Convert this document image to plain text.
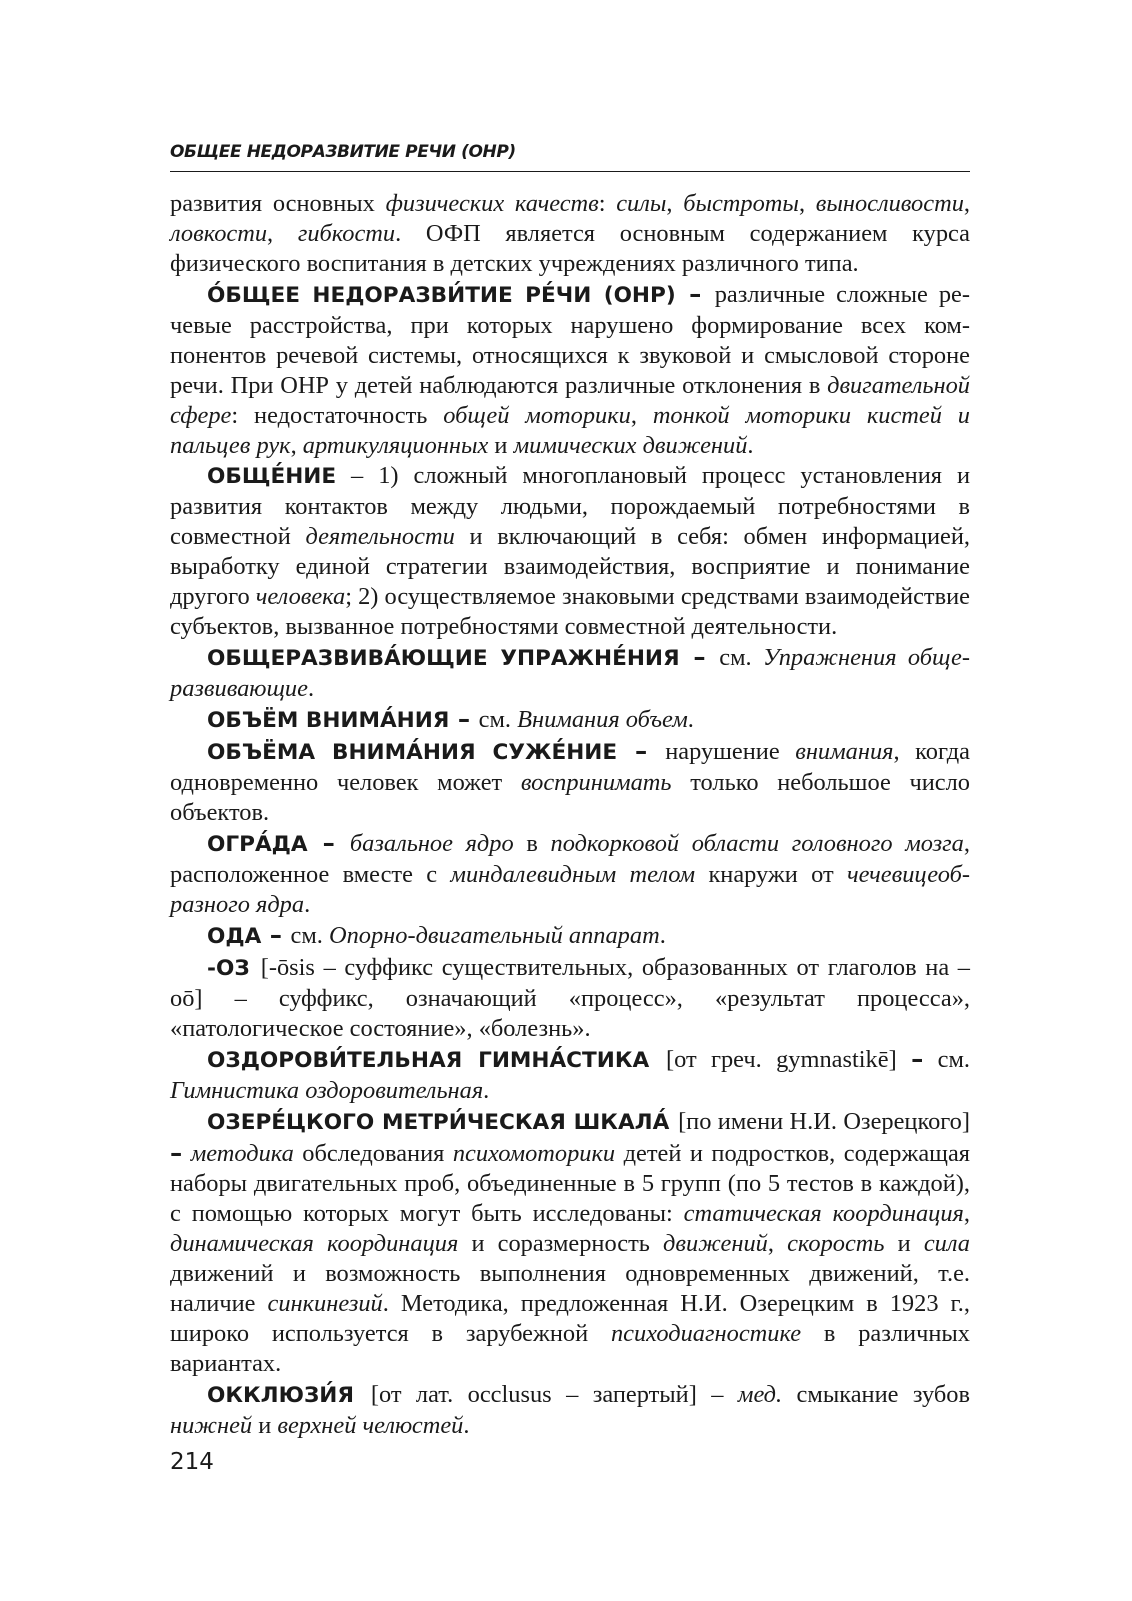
ОБЩЕЕ НЕДОРАЗВИТИЕ РЕЧИ (ОНР)

развития основных физических качеств: силы, быстроты, выносливости, ловкости, гибкости. ОФП является основным содержанием курса физического воспитания в детских учреждениях различного типа.

О́БЩЕЕ НЕДОРАЗВИ́ТИЕ РЕ́ЧИ (ОНР) – различные сложные речевые расстройства, при которых нарушено формирование всех компонентов речевой системы, относящихся к звуковой и смысловой стороне речи. При ОНР у детей наблюдаются различные отклонения в двигательной сфере: недостаточность общей моторики, тонкой моторики кистей и пальцев рук, артикуляционных и мимических движений.

ОБЩЕ́НИЕ – 1) сложный многоплановый процесс установления и развития контактов между людьми, порождаемый потребностями в совместной деятельности и включающий в себя: обмен информацией, выработку единой стратегии взаимодействия, восприятие и понимание другого человека; 2) осуществляемое знаковыми средствами взаимодействие субъектов, вызванное потребностями совместной деятельности.

ОБЩЕРАЗВИВА́ЮЩИЕ УПРАЖНЕ́НИЯ – см. Упражнения общеразвивающие.

ОБЪЁМ ВНИМА́НИЯ – см. Внимания объем.

ОБЪЁМА ВНИМА́НИЯ СУЖЕ́НИЕ – нарушение внимания, когда одновременно человек может воспринимать только небольшое число объектов.

ОГРА́ДА – базальное ядро в подкорковой области головного мозга, расположенное вместе с миндалевидным телом кнаружи от чечевицеобразного ядра.

ОДА – см. Опорно-двигательный аппарат.

-ОЗ [-ōsis – суффикс существительных, образованных от глаголов на –oō] – суффикс, означающий «процесс», «результат процесса», «патологическое состояние», «болезнь».

ОЗДОРОВИ́ТЕЛЬНАЯ ГИМНА́СТИКА [от греч. gymnastikē] – см. Гимнистика оздоровительная.

ОЗЕРЕ́ЦКОГО МЕТРИ́ЧЕСКАЯ ШКАЛА́ [по имени Н.И. Озерецкого] – методика обследования психомоторики детей и подростков, содержащая наборы двигательных проб, объединенные в 5 групп (по 5 тестов в каждой), с помощью которых могут быть исследованы: статическая координация, динамическая координация и соразмерность движений, скорость и сила движений и возможность выполнения одновременных движений, т.е. наличие синкинезий. Методика, предложенная Н.И. Озерецким в 1923 г., широко используется в зарубежной психодиагностике в различных вариантах.

ОККЛЮЗИ́Я [от лат. occlusus – запертый] – мед. смыкание зубов нижней и верхней челюстей.

214
